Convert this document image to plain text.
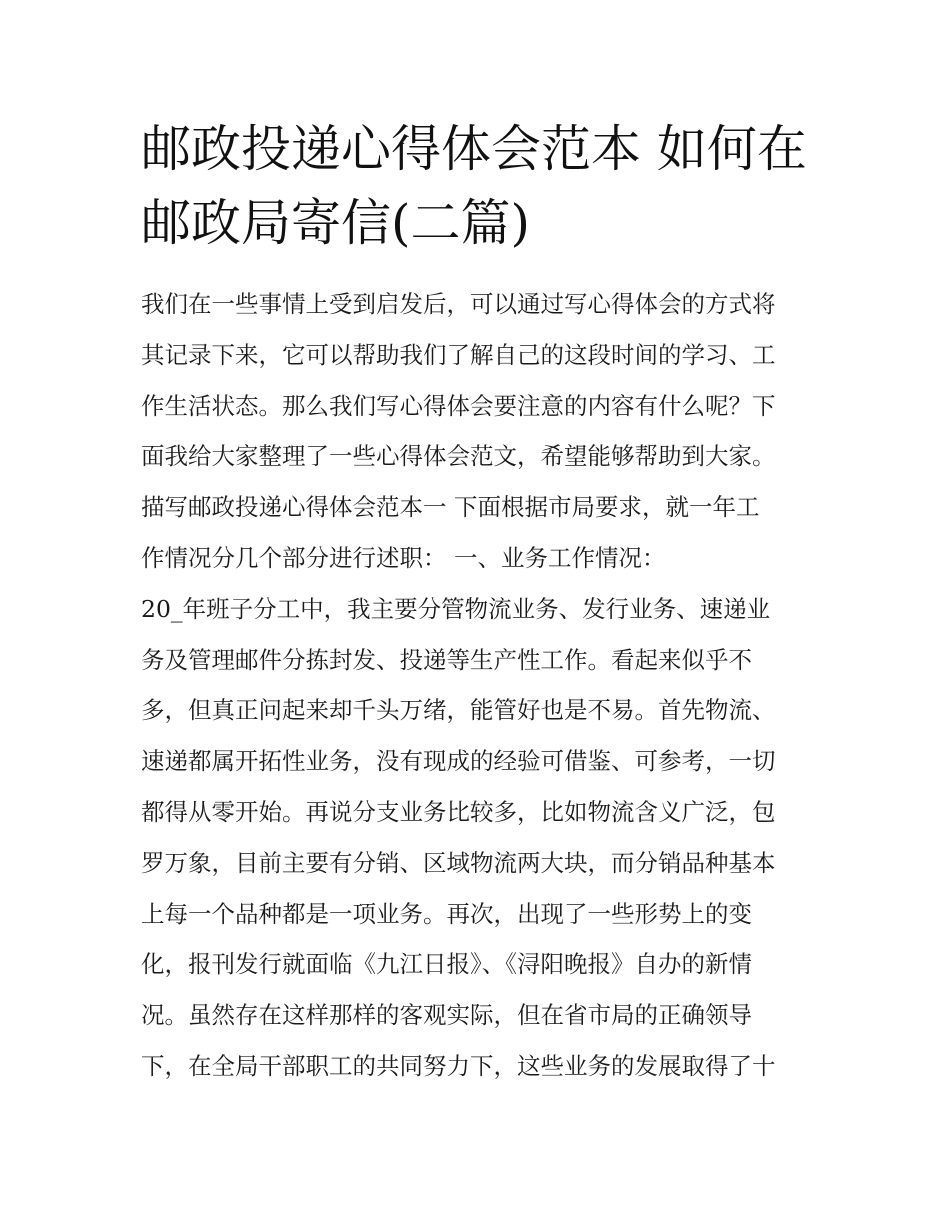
邮政投递心得体会范本 如何在
邮政局寄信(二篇)
我们在一些事情上受到启发后，可以通过写心得体会的方式将
其记录下来，它可以帮助我们了解自己的这段时间的学习、工
作生活状态。那么我们写心得体会要注意的内容有什么呢？下
面我给大家整理了一些心得体会范文，希望能够帮助到大家。
描写邮政投递心得体会范本一 下面根据市局要求，就一年工
作情况分几个部分进行述职： 一、业务工作情况：
20_年班子分工中，我主要分管物流业务、发行业务、速递业
务及管理邮件分拣封发、投递等生产性工作。看起来似乎不
多，但真正问起来却千头万绪，能管好也是不易。首先物流、
速递都属开拓性业务，没有现成的经验可借鉴、可参考，一切
都得从零开始。再说分支业务比较多，比如物流含义广泛，包
罗万象，目前主要有分销、区域物流两大块，而分销品种基本
上每一个品种都是一项业务。再次，出现了一些形势上的变
化，报刊发行就面临《九江日报》、《浔阳晚报》自办的新情
况。虽然存在这样那样的客观实际，但在省市局的正确领导
下，在全局干部职工的共同努力下，这些业务的发展取得了十
